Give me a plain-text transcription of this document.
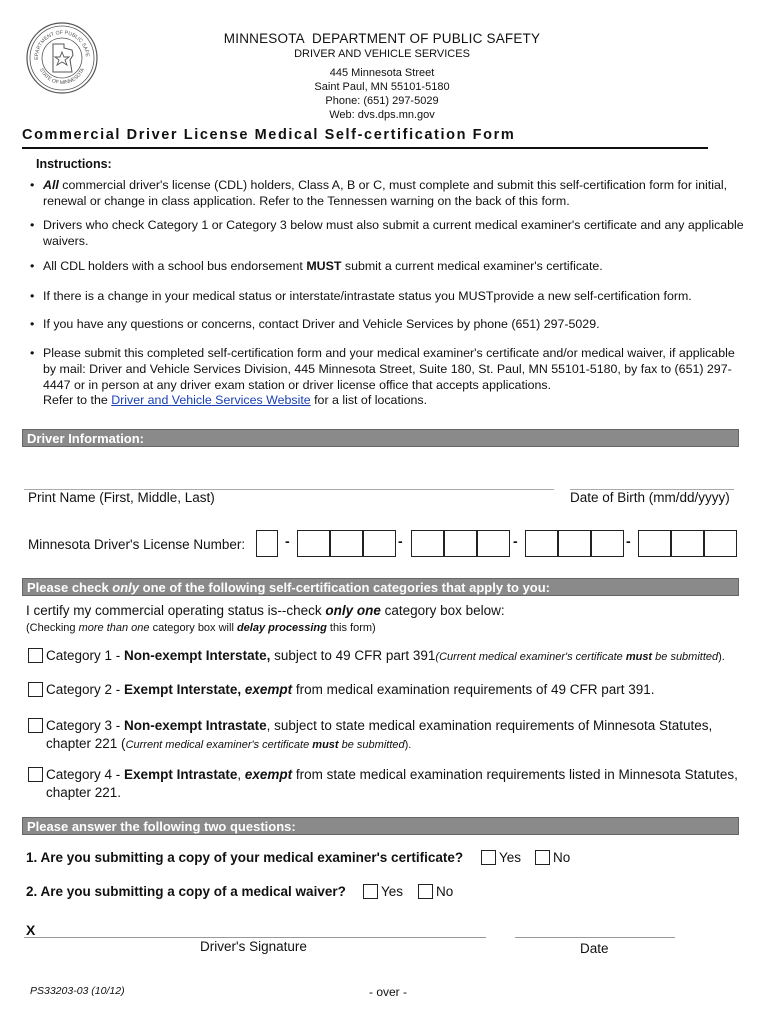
EPARTMENT OF PUBLIC SAFE
STATE OF MINNESOTA
MINNESOTA  DEPARTMENT OF PUBLIC SAFETY
DRIVER AND VEHICLE SERVICES
445 Minnesota Street
Saint Paul, MN 55101-5180
Phone: (651) 297-5029
Web: dvs.dps.mn.gov
Commercial Driver License Medical Self-certification Form
Instructions:
• All commercial driver's license (CDL) holders, Class A, B or C, must complete and submit this self-certification form for initial, renewal or change in class application. Refer to the Tennessen warning on the back of this form.
• Drivers who check Category 1 or Category 3 below must also submit a current medical examiner's certificate and any applicable waivers.
• All CDL holders with a school bus endorsement MUST submit a current medical examiner's certificate.
• If there is a change in your medical status or interstate/intrastate status you MUSTprovide a new self-certification form.
• If you have any questions or concerns, contact Driver and Vehicle Services by phone (651) 297-5029.
• Please submit this completed self-certification form and your medical examiner's certificate and/or medical waiver, if applicable by mail: Driver and Vehicle Services Division, 445 Minnesota Street, Suite 180, St. Paul, MN 55101-5180, by fax to (651) 297-4447 or in person at any driver exam station or driver license office that accepts applications.
Refer to the Driver and Vehicle Services Website for a list of locations.
Driver Information:
Print Name (First, Middle, Last)	Date of Birth (mm/dd/yyyy)
Minnesota Driver's License Number:	-	-	-	-
Please check only one of the following self-certification categories that apply to you:
I certify my commercial operating status is--check only one category box below:
(Checking more than one category box will delay processing this form)
Category 1 - Non-exempt Interstate, subject to 49 CFR part 391(Current medical examiner's certificate must be submitted).
Category 2 - Exempt Interstate, exempt from medical examination requirements of 49 CFR part 391.
Category 3 - Non-exempt Intrastate, subject to state medical examination requirements of Minnesota Statutes, chapter 221 (Current medical examiner's certificate must be submitted).
Category 4 - Exempt Intrastate, exempt from state medical examination requirements listed in Minnesota Statutes, chapter 221.
Please answer the following two questions:
1. Are you submitting a copy of your medical examiner's certificate?	Yes No
2. Are you submitting a copy of a medical waiver?	Yes No
X
Driver's Signature	Date
PS33203-03 (10/12)	- over -
